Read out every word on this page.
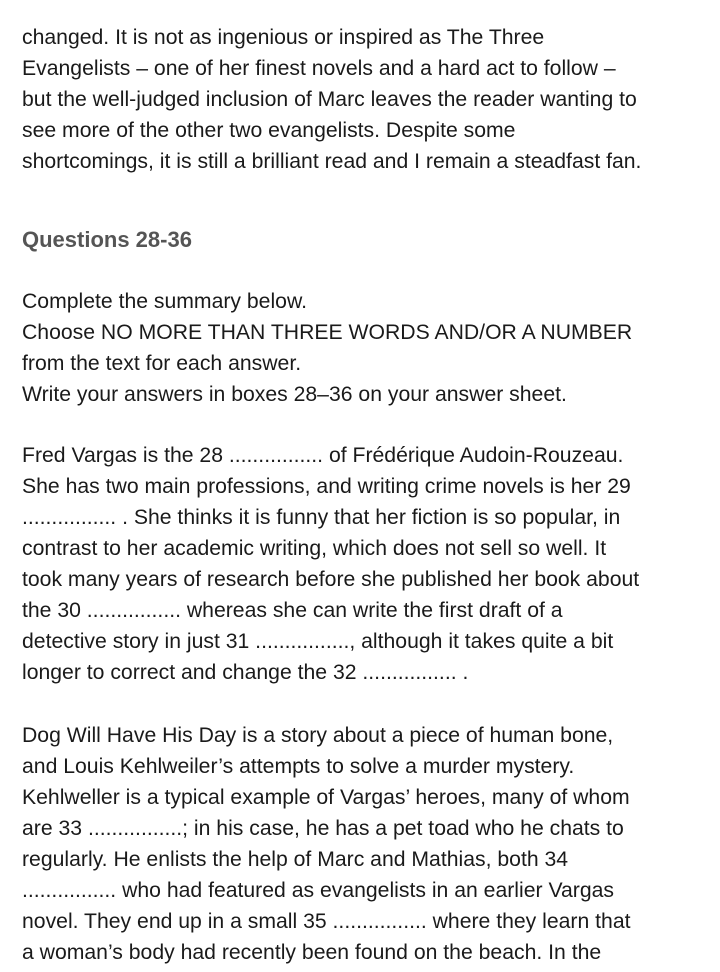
changed. It is not as ingenious or inspired as The Three
Evangelists – one of her finest novels and a hard act to follow –
but the well-judged inclusion of Marc leaves the reader wanting to
see more of the other two evangelists. Despite some
shortcomings, it is still a brilliant read and I remain a steadfast fan.

Questions 28-36

Complete the summary below.
Choose NO MORE THAN THREE WORDS AND/OR A NUMBER
from the text for each answer.
Write your answers in boxes 28–36 on your answer sheet.

Fred Vargas is the 28 ................ of Frédérique Audoin-Rouzeau.
She has two main professions, and writing crime novels is her 29
................ . She thinks it is funny that her fiction is so popular, in
contrast to her academic writing, which does not sell so well. It
took many years of research before she published her book about
the 30 ................ whereas she can write the first draft of a
detective story in just 31 ................, although it takes quite a bit
longer to correct and change the 32 ................ .

Dog Will Have His Day is a story about a piece of human bone,
and Louis Kehlweiler’s attempts to solve a murder mystery.
Kehlweller is a typical example of Vargas’ heroes, many of whom
are 33 ................; in his case, he has a pet toad who he chats to
regularly. He enlists the help of Marc and Mathias, both 34
................ who had featured as evangelists in an earlier Vargas
novel. They end up in a small 35 ................ where they learn that
a woman’s body had recently been found on the beach. In the
